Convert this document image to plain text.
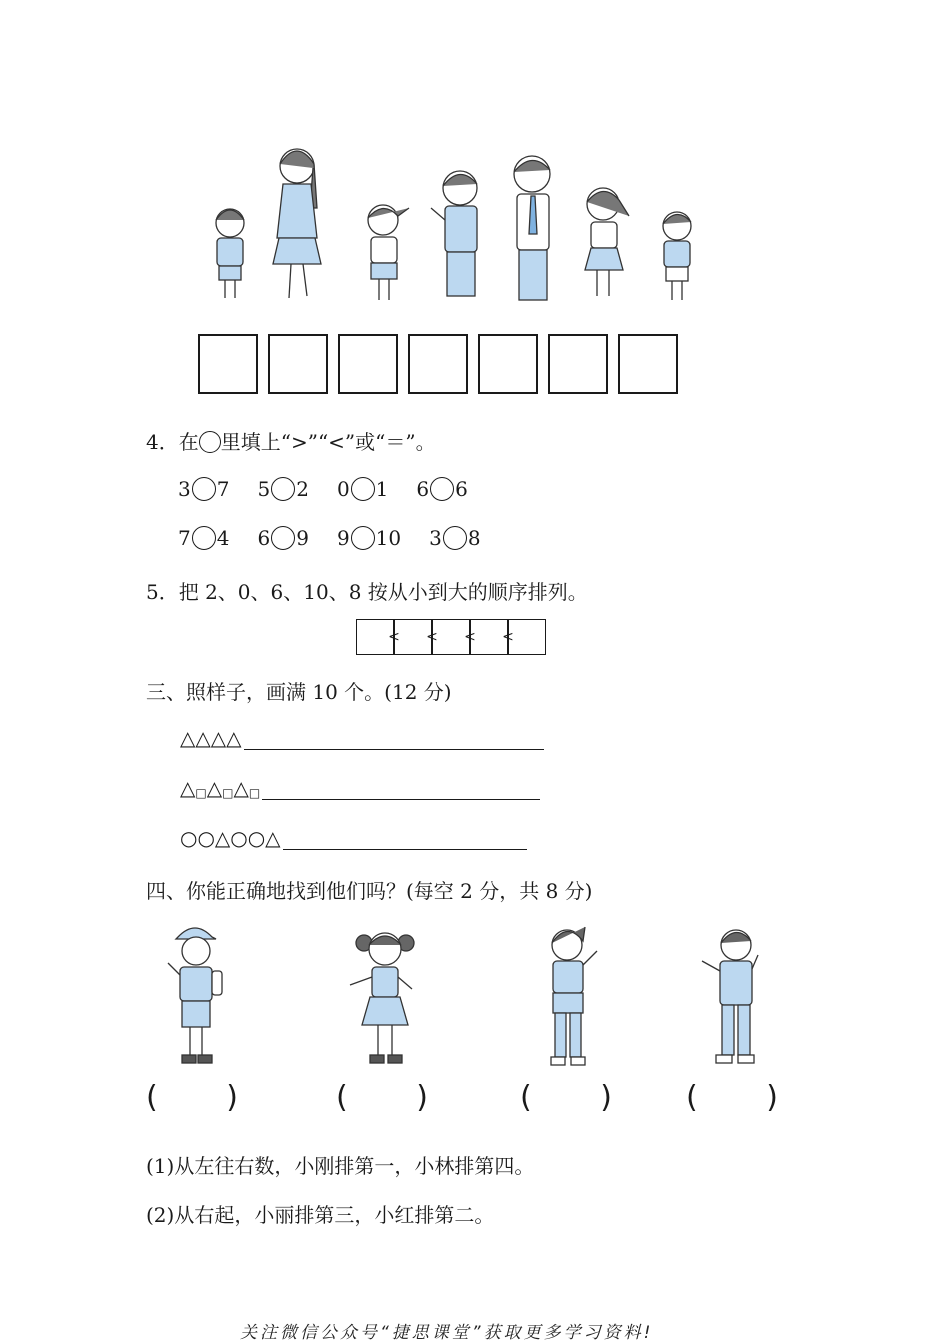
4．在 里填上“>”“<”或“＝”。
3 7 5 2 0 1 6 6
7 4 6 9 9 10 3 8
5．把 2、0、6、10、8 按从小到大的顺序排列。
< < < <
三、照样子，画满 10 个。(12 分)
△△△△
△ □ △ □ △ □
○○△○○△
四、你能正确地找到他们吗？(每空 2 分，共 8 分)
( )	( )	( ) ( )
(1)从左往右数，小刚排第一，小林排第四。
(2)从右起，小丽排第三，小红排第二。
关注微信公众号“捷思课堂”获取更多学习资料!
